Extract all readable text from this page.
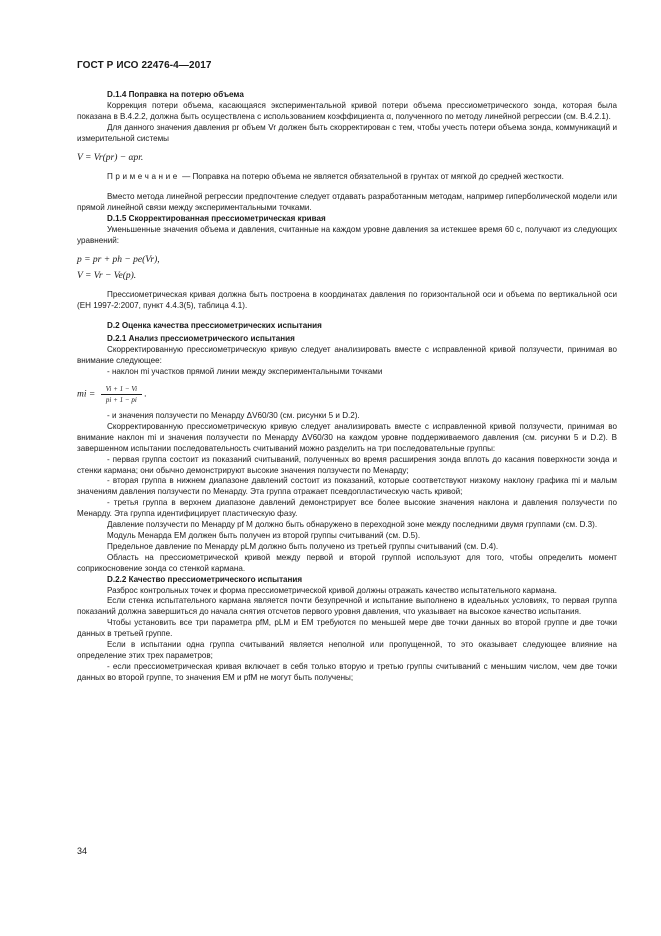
ГОСТ Р ИСО 22476-4—2017

D.1.4 Поправка на потерю объема

Коррекция потери объема, касающаяся экспериментальной кривой потери объема прессиометрического зонда, которая была показана в В.4.2.2, должна быть осуществлена с использованием коэффициента α, полученного по методу линейной регрессии (см. В.4.2.1).

Для данного значения давления pr объем Vr должен быть скорректирован с тем, чтобы учесть потери объема зонда, коммуникаций и измерительной системы

V = Vr(pr) − αpr.

Примечание — Поправка на потерю объема не является обязательной в грунтах от мягкой до средней жесткости.

Вместо метода линейной регрессии предпочтение следует отдавать разработанным методам, например гиперболической модели или прямой линейной связи между экспериментальными точками.

D.1.5 Скорректированная прессиометрическая кривая

Уменьшенные значения объема и давления, считанные на каждом уровне давления за истекшее время 60 с, получают из следующих уравнений:

p = pr + ph − pe(Vr),

V = Vr − Ve(p).

Прессиометрическая кривая должна быть построена в координатах давления по горизонтальной оси и объема по вертикальной оси (ЕН 1997-2:2007, пункт 4.4.3(5), таблица 4.1).

D.2 Оценка качества прессиометрических испытания

D.2.1 Анализ прессиометрического испытания

Скорректированную прессиометрическую кривую следует анализировать вместе с исправленной кривой ползучести, принимая во внимание следующее:

- наклон mi участков прямой линии между экспериментальными точками

mi = $\frac{Vi + 1 - Vi}{pi + 1 - pi}$ .

- и значения ползучести по Менарду ΔV60/30 (см. рисунки 5 и D.2).

Скорректированную прессиометрическую кривую следует анализировать вместе с исправленной кривой ползучести, принимая во внимание наклон mi и значения ползучести по Менарду ΔV60/30 на каждом уровне поддерживаемого давления (см. рисунки 5 и D.2). В завершенном испытании последовательность считываний можно разделить на три последовательные группы:

- первая группа состоит из показаний считываний, полученных во время расширения зонда вплоть до касания поверхности зонда и стенки кармана; они обычно демонстрируют высокие значения ползучести по Менарду;

- вторая группа в нижнем диапазоне давлений состоит из показаний, которые соответствуют низкому наклону графика mi и малым значениям давления ползучести по Менарду. Эта группа отражает псевдопластическую часть кривой;

- третья группа в верхнем диапазоне давлений демонстрирует все более высокие значения наклона и давления ползучести по Менарду. Эта группа идентифицирует пластическую фазу.

Давление ползучести по Менарду pf M должно быть обнаружено в переходной зоне между последними двумя группами (см. D.3).

Модуль Менарда EM должен быть получен из второй группы считываний (см. D.5).

Предельное давление по Менарду pLM должно быть получено из третьей группы считываний (см. D.4).

Область на прессиометрической кривой между первой и второй группой используют для того, чтобы определить момент соприкосновение зонда со стенкой кармана.

D.2.2 Качество прессиометрического испытания

Разброс контрольных точек и форма прессиометрической кривой должны отражать качество испытательного кармана.

Если стенка испытательного кармана является почти безупречной и испытание выполнено в идеальных условиях, то первая группа показаний должна завершиться до начала снятия отсчетов первого уровня давления, что указывает на высокое качество испытания.

Чтобы установить все три параметра pfM, pLM и EM требуются по меньшей мере две точки данных во второй группе и две точки данных в третьей группе.

Если в испытании одна группа считываний является неполной или пропущенной, то это оказывает следующее влияние на определение этих трех параметров;

- если прессиометрическая кривая включает в себя только вторую и третью группы считываний с меньшим числом, чем две точки данных во второй группе, то значения EM и pfM не могут быть получены;

34
